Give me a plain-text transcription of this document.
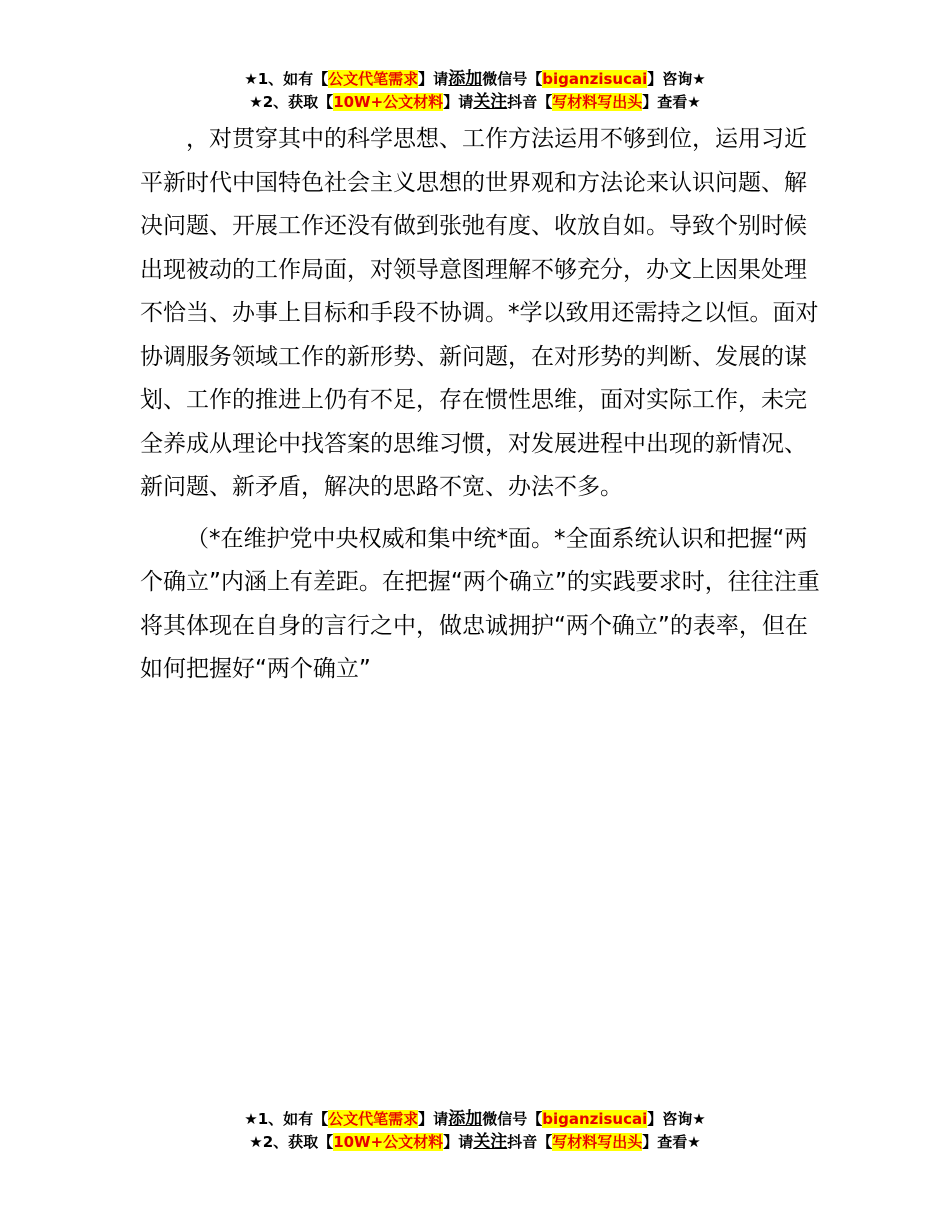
★1、如有【公文代笔需求】请添加微信号【biganzisucai】咨询★
★2、获取【10W+公文材料】请关注抖音【写材料写出头】查看★

，对贯穿其中的科学思想、工作方法运用不够到位，运用习近平新时代中国特色社会主义思想的世界观和方法论来认识问题、解决问题、开展工作还没有做到张弛有度、收放自如。导致个别时候出现被动的工作局面，对领导意图理解不够充分，办文上因果处理不恰当、办事上目标和手段不协调。*学以致用还需持之以恒。面对协调服务领域工作的新形势、新问题，在对形势的判断、发展的谋划、工作的推进上仍有不足，存在惯性思维，面对实际工作，未完全养成从理论中找答案的思维习惯，对发展进程中出现的新情况、新问题、新矛盾，解决的思路不宽、办法不多。

（*在维护党中央权威和集中统*面。*全面系统认识和把握“两个确立”内涵上有差距。在把握“两个确立”的实践要求时，往往注重将其体现在自身的言行之中，做忠诚拥护“两个确立”的表率，但在如何把握好“两个确立”

★1、如有【公文代笔需求】请添加微信号【biganzisucai】咨询★
★2、获取【10W+公文材料】请关注抖音【写材料写出头】查看★
